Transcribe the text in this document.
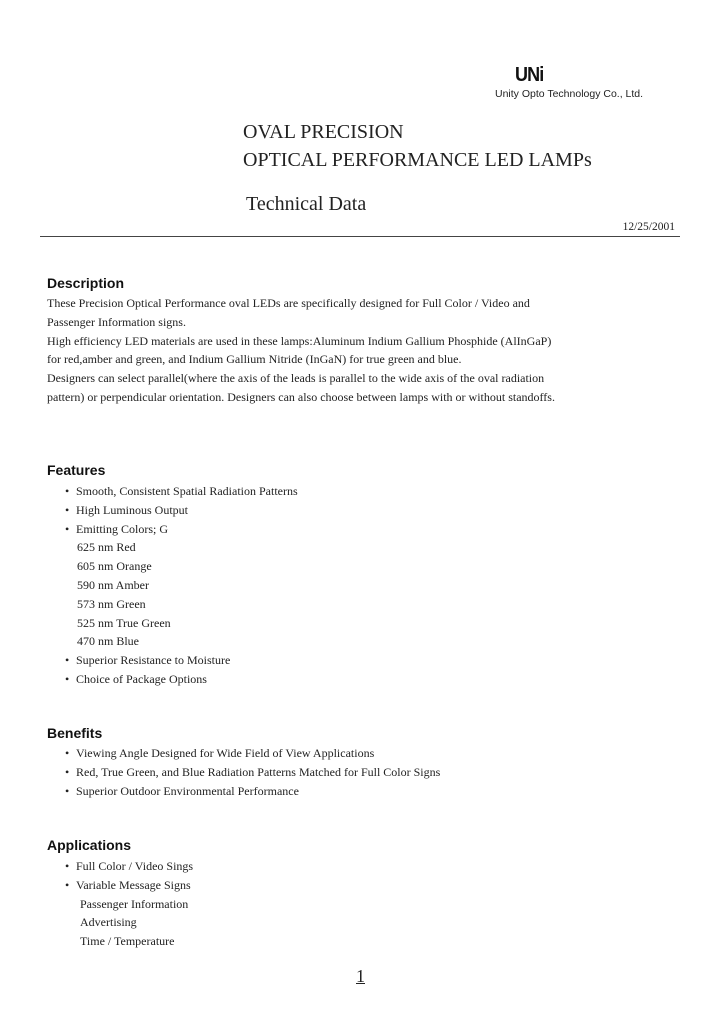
UNi
Unity Opto Technology Co., Ltd.
OVAL PRECISION
OPTICAL PERFORMANCE LED LAMPs
Technical Data
12/25/2001
Description
These Precision Optical Performance oval LEDs are specifically designed for Full Color / Video and
Passenger Information signs.
High efficiency LED materials are used in these lamps:Aluminum Indium Gallium Phosphide (AlInGaP)
for red,amber and green, and Indium Gallium Nitride (InGaN) for true green and blue.
Designers can select parallel(where the axis of the leads is parallel to the wide axis of the oval radiation
pattern) or perpendicular orientation. Designers can also choose between lamps with or without standoffs.
Features
• Smooth, Consistent Spatial Radiation Patterns
• High Luminous Output
• Emitting Colors; G
625 nm Red
605 nm Orange
590 nm Amber
573 nm Green
525 nm True Green
470 nm Blue
• Superior Resistance to Moisture
• Choice of Package Options
Benefits
• Viewing Angle Designed for Wide Field of View Applications
• Red, True Green, and Blue Radiation Patterns Matched for Full Color Signs
• Superior Outdoor Environmental Performance
Applications
• Full Color / Video Sings
• Variable Message Signs
Passenger Information
Advertising
Time / Temperature
1
